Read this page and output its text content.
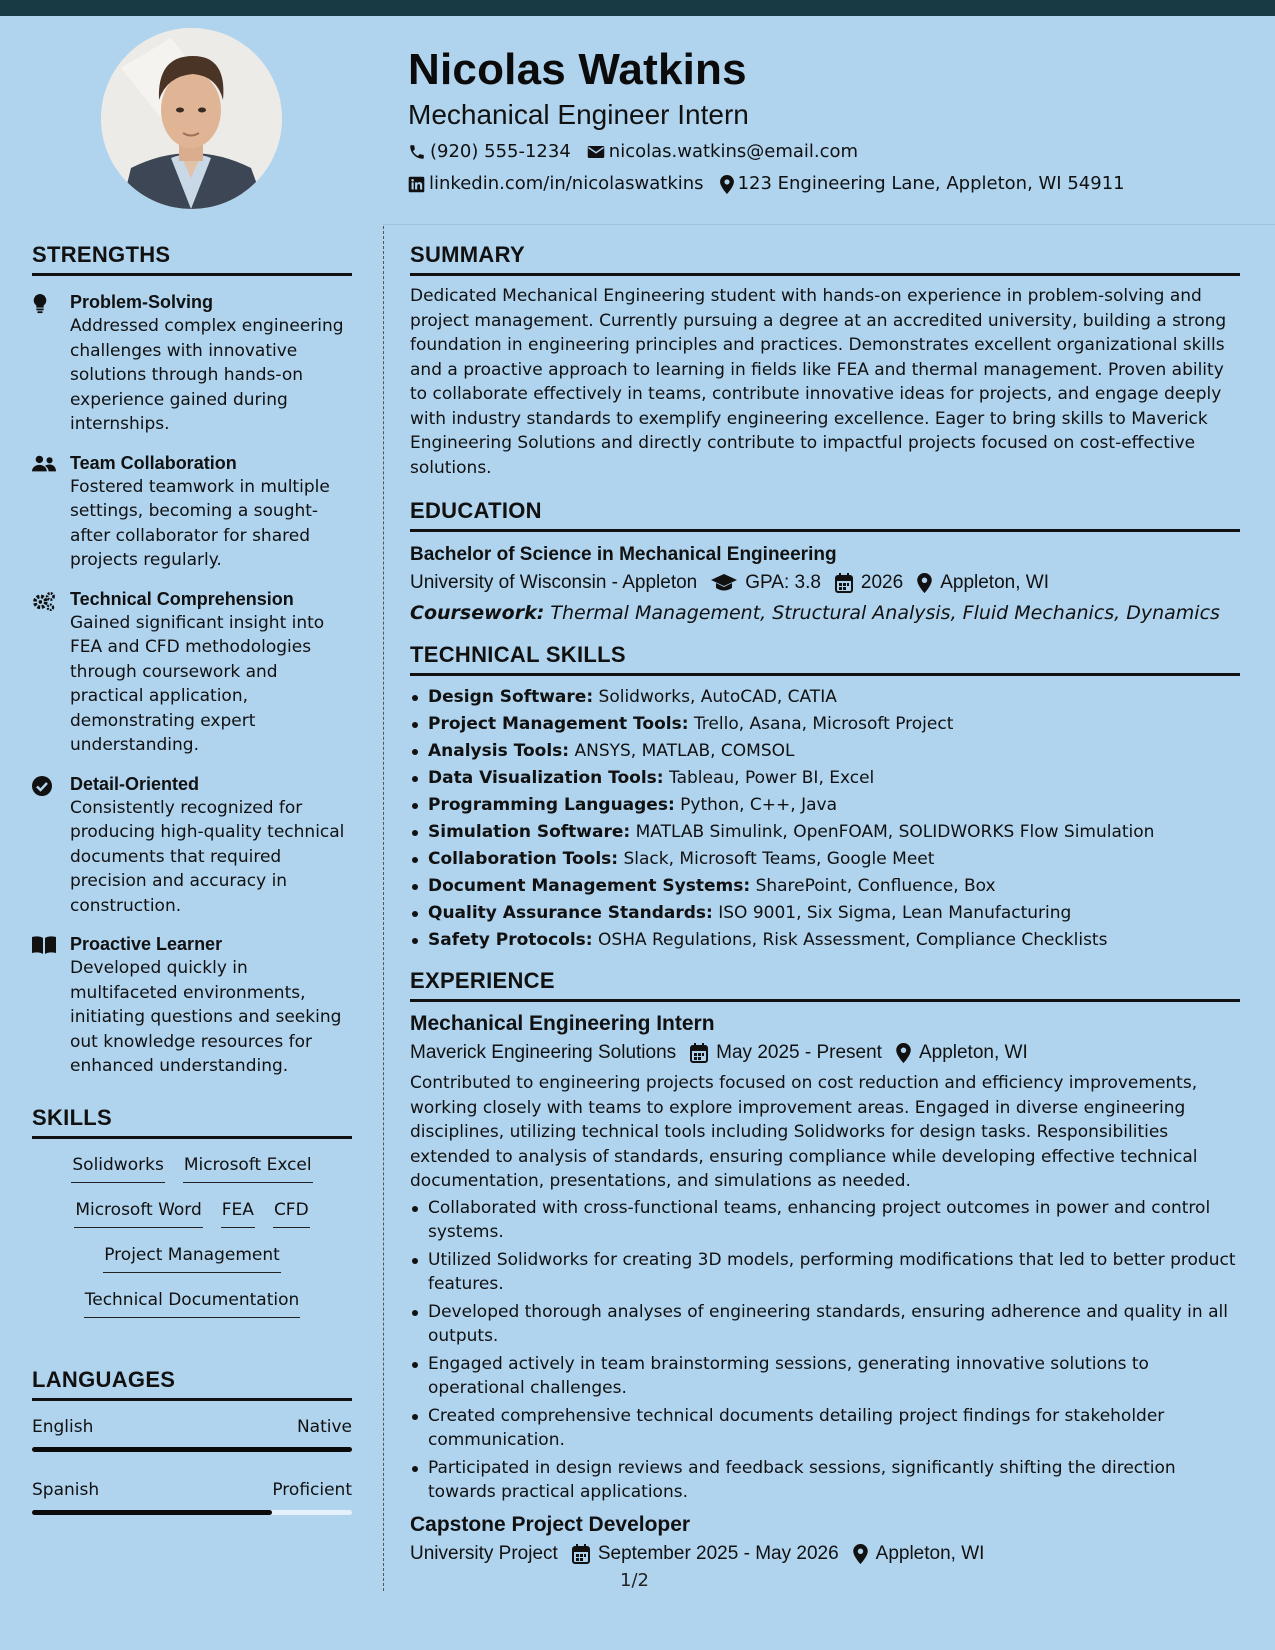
Nicolas Watkins
Mechanical Engineer Intern
(920) 555-1234 nicolas.watkins@email.com
linkedin.com/in/nicolaswatkins 123 Engineering Lane, Appleton, WI 54911
STRENGTHS
Problem-Solving
Addressed complex engineering challenges with innovative solutions through hands-on experience gained during internships.
Team Collaboration
Fostered teamwork in multiple settings, becoming a sought-after collaborator for shared projects regularly.
Technical Comprehension
Gained significant insight into FEA and CFD methodologies through coursework and practical application, demonstrating expert understanding.
Detail-Oriented
Consistently recognized for producing high-quality technical documents that required precision and accuracy in construction.
Proactive Learner
Developed quickly in multifaceted environments, initiating questions and seeking out knowledge resources for enhanced understanding.
SKILLS
Solidworks Microsoft Excel
Microsoft Word FEA CFD
Project Management
Technical Documentation
LANGUAGES
English	Native
Spanish	Proficient
SUMMARY
Dedicated Mechanical Engineering student with hands-on experience in problem-solving and project management. Currently pursuing a degree at an accredited university, building a strong foundation in engineering principles and practices. Demonstrates excellent organizational skills and a proactive approach to learning in fields like FEA and thermal management. Proven ability to collaborate effectively in teams, contribute innovative ideas for projects, and engage deeply with industry standards to exemplify engineering excellence. Eager to bring skills to Maverick Engineering Solutions and directly contribute to impactful projects focused on cost-effective solutions.
EDUCATION
Bachelor of Science in Mechanical Engineering
University of Wisconsin - Appleton	GPA: 3.8 2026 Appleton, WI
Coursework: Thermal Management, Structural Analysis, Fluid Mechanics, Dynamics
TECHNICAL SKILLS
Design Software: Solidworks, AutoCAD, CATIA
Project Management Tools: Trello, Asana, Microsoft Project
Analysis Tools: ANSYS, MATLAB, COMSOL
Data Visualization Tools: Tableau, Power BI, Excel
Programming Languages: Python, C++, Java
Simulation Software: MATLAB Simulink, OpenFOAM, SOLIDWORKS Flow Simulation
Collaboration Tools: Slack, Microsoft Teams, Google Meet
Document Management Systems: SharePoint, Confluence, Box
Quality Assurance Standards: ISO 9001, Six Sigma, Lean Manufacturing
Safety Protocols: OSHA Regulations, Risk Assessment, Compliance Checklists
EXPERIENCE
Mechanical Engineering Intern
Maverick Engineering Solutions May 2025 - Present Appleton, WI
Contributed to engineering projects focused on cost reduction and efficiency improvements, working closely with teams to explore improvement areas. Engaged in diverse engineering disciplines, utilizing technical tools including Solidworks for design tasks. Responsibilities extended to analysis of standards, ensuring compliance while developing effective technical documentation, presentations, and simulations as needed.
Collaborated with cross-functional teams, enhancing project outcomes in power and control systems.
Utilized Solidworks for creating 3D models, performing modifications that led to better product features.
Developed thorough analyses of engineering standards, ensuring adherence and quality in all outputs.
Engaged actively in team brainstorming sessions, generating innovative solutions to operational challenges.
Created comprehensive technical documents detailing project findings for stakeholder communication.
Participated in design reviews and feedback sessions, significantly shifting the direction towards practical applications.
Capstone Project Developer
University Project September 2025 - May 2026 Appleton, WI
1/2
